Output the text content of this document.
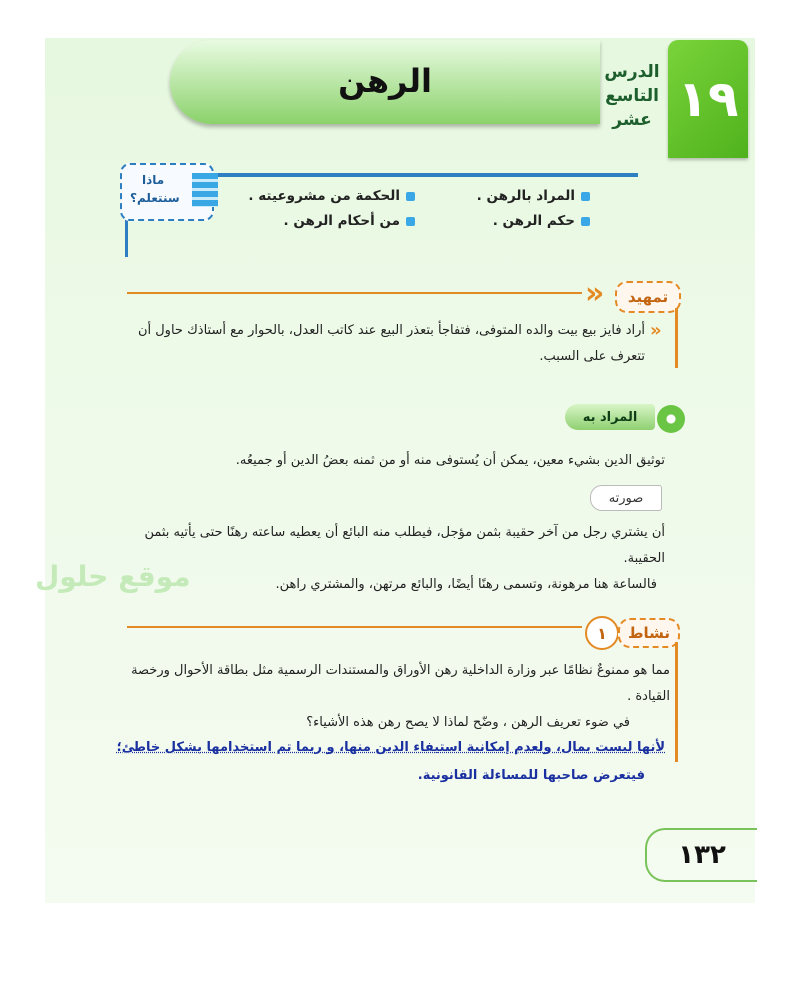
١٩
الدرس
التاسع
عشر
الرهن
ماذا
سنتعلم؟	المراد بالرهن .
الحكمة من مشروعيته .
حكم الرهن .
من أحكام الرهن .
« تمهيد
«
أراد فايز بيع بيت والده المتوفى، فتفاجأ بتعذر البيع عند كاتب العدل، بالحوار مع أستاذك حاول أن
تتعرف على السبب.
المراد به
توثيق الدين بشيء معين، يمكن أن يُستوفى منه أو من ثمنه بعضُ الدين أو جميعُه.
صورته
أن يشتري رجل من آخر حقيبة بثمن مؤجل، فيطلب منه البائع أن يعطيه ساعته رهنًا حتى يأتيه بثمن
الحقيبة.
فالساعة هنا مرهونة، وتسمى رهنًا أيضًا، والبائع مرتهن، والمشتري راهن.
موقع حلول
١ نشاط
مما هو ممنوعٌ نظامًا عبر وزارة الداخلية رهن الأوراق والمستندات الرسمية مثل بطاقة الأحوال ورخصة
القيادة .
في ضوء تعريف الرهن ، وضّح لماذا لا يصح رهن هذه الأشياء؟
لأنها ليست بمال، ولعدم إمكانية استيفاء الدين منها، و ربما تم استخدامها بشكل خاطئ؛
فيتعرض صاحبها للمساءلة القانونية.
١٣٢
